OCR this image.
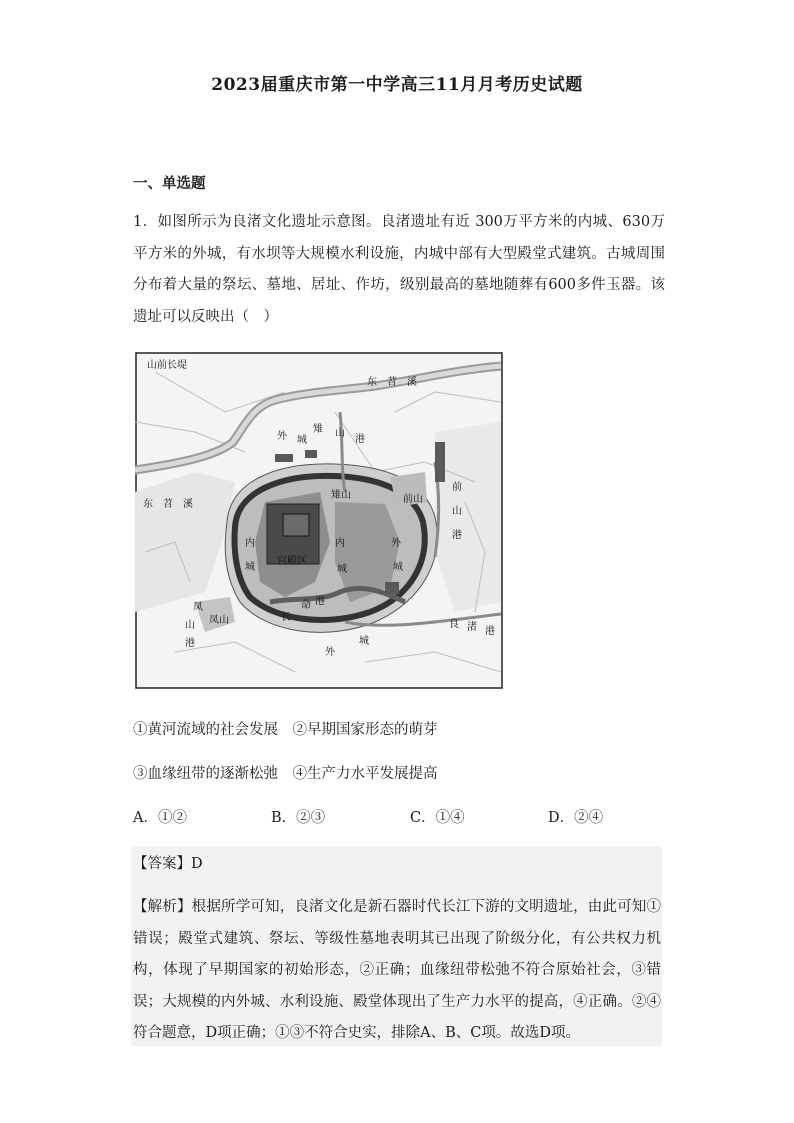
2023届重庆市第一中学高三11月月考历史试题
一、单选题
1．如图所示为良渚文化遗址示意图。良渚遗址有近 300万平方米的内城、630万平方米的外城，有水坝等大规模水利设施，内城中部有大型殿堂式建筑。古城周围分布着大量的祭坛、墓地、居址、作坊，级别最高的墓地随葬有600多件玉器。该遗址可以反映出（　）
山前长堤
东　苕　溪
东　苕　溪
外 城
雉 山
港
雉山	前山
前
山
港
内
城
内
城
宫殿区
外
城
凤
山
港
凤山	长
命 港
良 渚 港
外
城
①黄河流域的社会发展　②早期国家形态的萌芽
③血缘纽带的逐渐松弛　④生产力水平发展提高
A．①②	B．②③	C．①④	D．②④
【答案】D
【解析】根据所学可知，良渚文化是新石器时代长江下游的文明遗址，由此可知①错误；殿堂式建筑、祭坛、等级性墓地表明其已出现了阶级分化，有公共权力机构，体现了早期国家的初始形态，②正确；血缘纽带松弛不符合原始社会，③错误；大规模的内外城、水利设施、殿堂体现出了生产力水平的提高，④正确。②④符合题意，D项正确；①③不符合史实，排除A、B、C项。故选D项。
